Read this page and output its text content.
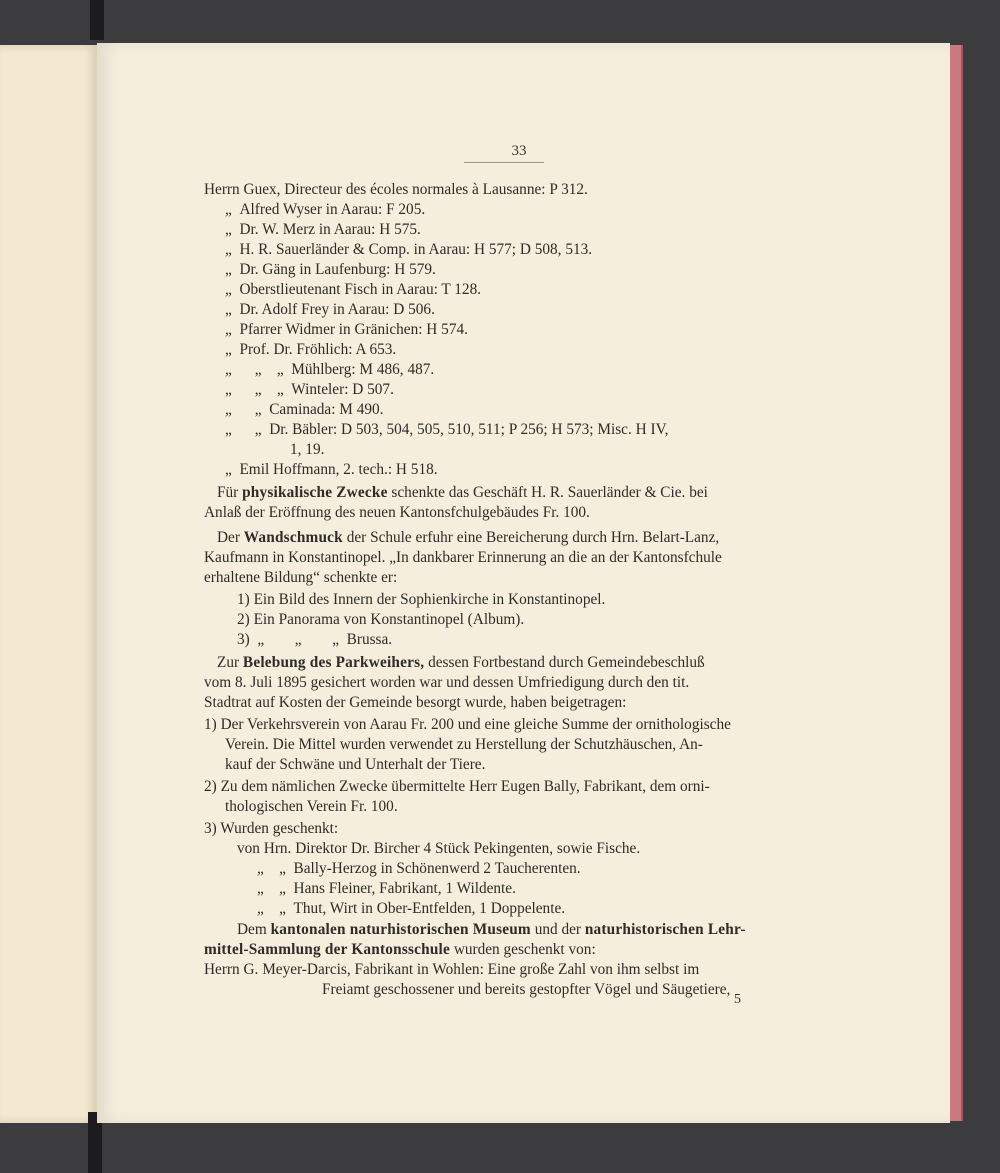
33
Herrn Guex, Directeur des écoles normales à Lausanne: P 312.
„ Alfred Wyser in Aarau: F 205.
„ Dr. W. Merz in Aarau: H 575.
„ H. R. Sauerländer & Comp. in Aarau: H 577; D 508, 513.
„ Dr. Gäng in Laufenburg: H 579.
„ Oberstlieutenant Fisch in Aarau: T 128.
„ Dr. Adolf Frey in Aarau: D 506.
„ Pfarrer Widmer in Gränichen: H 574.
„ Prof. Dr. Fröhlich: A 653.
„ „ „ Mühlberg: M 486, 487.
„ „ „ Winteler: D 507.
„ „ Caminada: M 490.
„ „ Dr. Bäbler: D 503, 504, 505, 510, 511; P 256; H 573; Misc. H IV,
1, 19.
„ Emil Hoffmann, 2. tech.: H 518.
Für physikalische Zwecke schenkte das Geschäft H. R. Sauerländer & Cie. bei
Anlaß der Eröffnung des neuen Kantonsfchulgebäudes Fr. 100.
Der Wandschmuck der Schule erfuhr eine Bereicherung durch Hrn. Belart-Lanz,
Kaufmann in Konstantinopel. „In dankbarer Erinnerung an die an der Kantonsfchule
erhaltene Bildung“ schenkte er:
1) Ein Bild des Innern der Sophienkirche in Konstantinopel.
2) Ein Panorama von Konstantinopel (Album).
3) „ „ „ Brussa.
Zur Belebung des Parkweihers, dessen Fortbestand durch Gemeindebeschluß
vom 8. Juli 1895 gesichert worden war und dessen Umfriedigung durch den tit.
Stadtrat auf Kosten der Gemeinde besorgt wurde, haben beigetragen:
1) Der Verkehrsverein von Aarau Fr. 200 und eine gleiche Summe der ornithologische
Verein. Die Mittel wurden verwendet zu Herstellung der Schutzhäuschen, An-
kauf der Schwäne und Unterhalt der Tiere.
2) Zu dem nämlichen Zwecke übermittelte Herr Eugen Bally, Fabrikant, dem orni-
thologischen Verein Fr. 100.
3) Wurden geschenkt:
von Hrn. Direktor Dr. Bircher 4 Stück Pekingenten, sowie Fische.
„ „ Bally-Herzog in Schönenwerd 2 Taucherenten.
„ „ Hans Fleiner, Fabrikant, 1 Wildente.
„ „ Thut, Wirt in Ober-Entfelden, 1 Doppelente.
Dem kantonalen naturhistorischen Museum und der naturhistorischen Lehr-
mittel-Sammlung der Kantonsschule wurden geschenkt von:
Herrn G. Meyer-Darcis, Fabrikant in Wohlen: Eine große Zahl von ihm selbst im
Freiamt geschossener und bereits gestopfter Vögel und Säugetiere,
5
